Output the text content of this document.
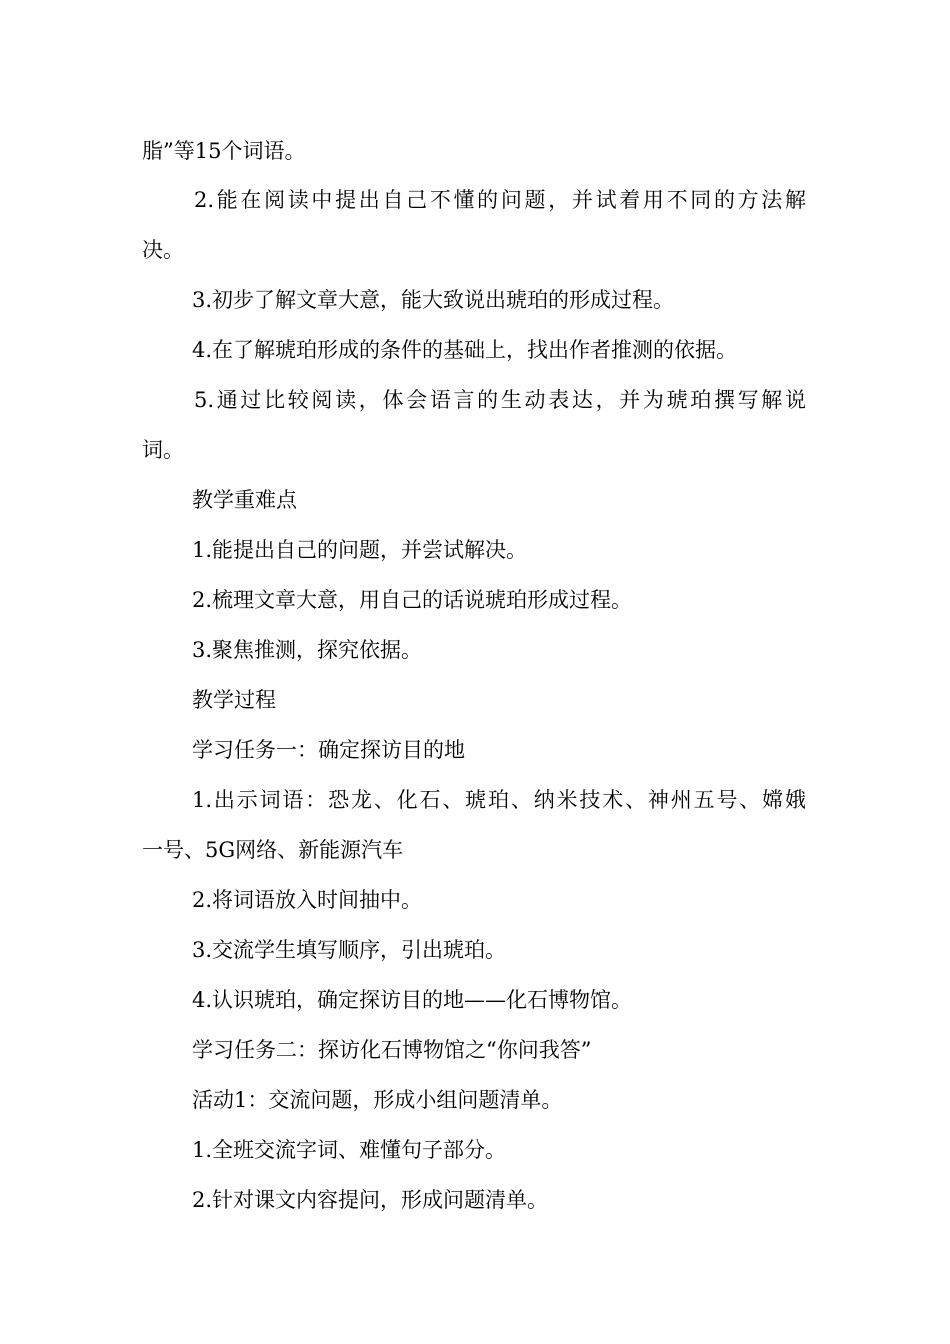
脂”等15个词语。
2.能在阅读中提出自己不懂的问题，并试着用不同的方法解
决。
3.初步了解文章大意，能大致说出琥珀的形成过程。
4.在了解琥珀形成的条件的基础上，找出作者推测的依据。
5.通过比较阅读，体会语言的生动表达，并为琥珀撰写解说
词。
教学重难点
1.能提出自己的问题，并尝试解决。
2.梳理文章大意，用自己的话说琥珀形成过程。
3.聚焦推测，探究依据。
教学过程
学习任务一：确定探访目的地
1.出示词语：恐龙、化石、琥珀、纳米技术、神州五号、嫦娥
一号、5G网络、新能源汽车
2.将词语放入时间抽中。
3.交流学生填写顺序，引出琥珀。
4.认识琥珀，确定探访目的地——化石博物馆。
学习任务二：探访化石博物馆之“你问我答”
活动1：交流问题，形成小组问题清单。
1.全班交流字词、难懂句子部分。
2.针对课文内容提问，形成问题清单。
